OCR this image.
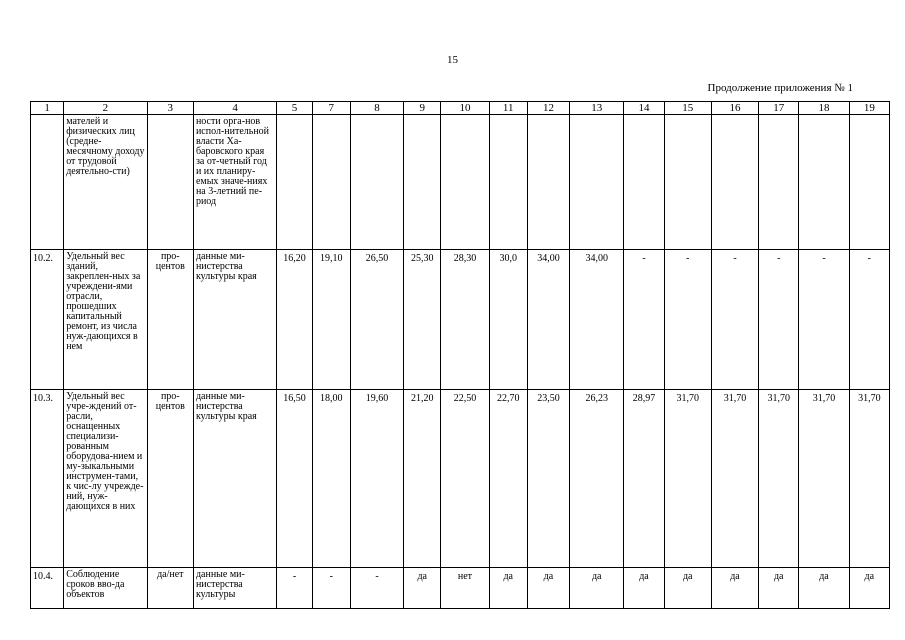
15
Продолжение приложения № 1
1	2	3	4	5	7	8	9	10	11	12	13	14	15	16	17	18	19
	мателей и физических лиц (средне-месячному доходу от трудовой деятельно-сти)		ности орга-нов испол-нительной власти Ха-баровского края за от-четный год и их планиру-емых значе-ниях на 3-летний пе-риод														
10.2.	Удельный вес зданий, закреплен-ных за учреждени-ями отрасли, прошедших капитальный ремонт, из числа нуж-дающихся в нем	про-центов	данные ми-нистерства культуры края	16,20	19,10	26,50	25,30	28,30	30,0	34,00	34,00	-	-	-	-	-	-
10.3.	Удельный вес учре-ждений от-расли, оснащенных специализи-рованным оборудова-нием и му-зыкальными инструмен-тами, к чис-лу учрежде-ний, нуж-дающихся в них	про-центов	данные ми-нистерства культуры края	16,50	18,00	19,60	21,20	22,50	22,70	23,50	26,23	28,97	31,70	31,70	31,70	31,70	31,70
10.4.	Соблюдение сроков вво-да объектов	да/нет	данные ми-нистерства культуры	-	-	-	да	нет	да	да	да	да	да	да	да	да	да
